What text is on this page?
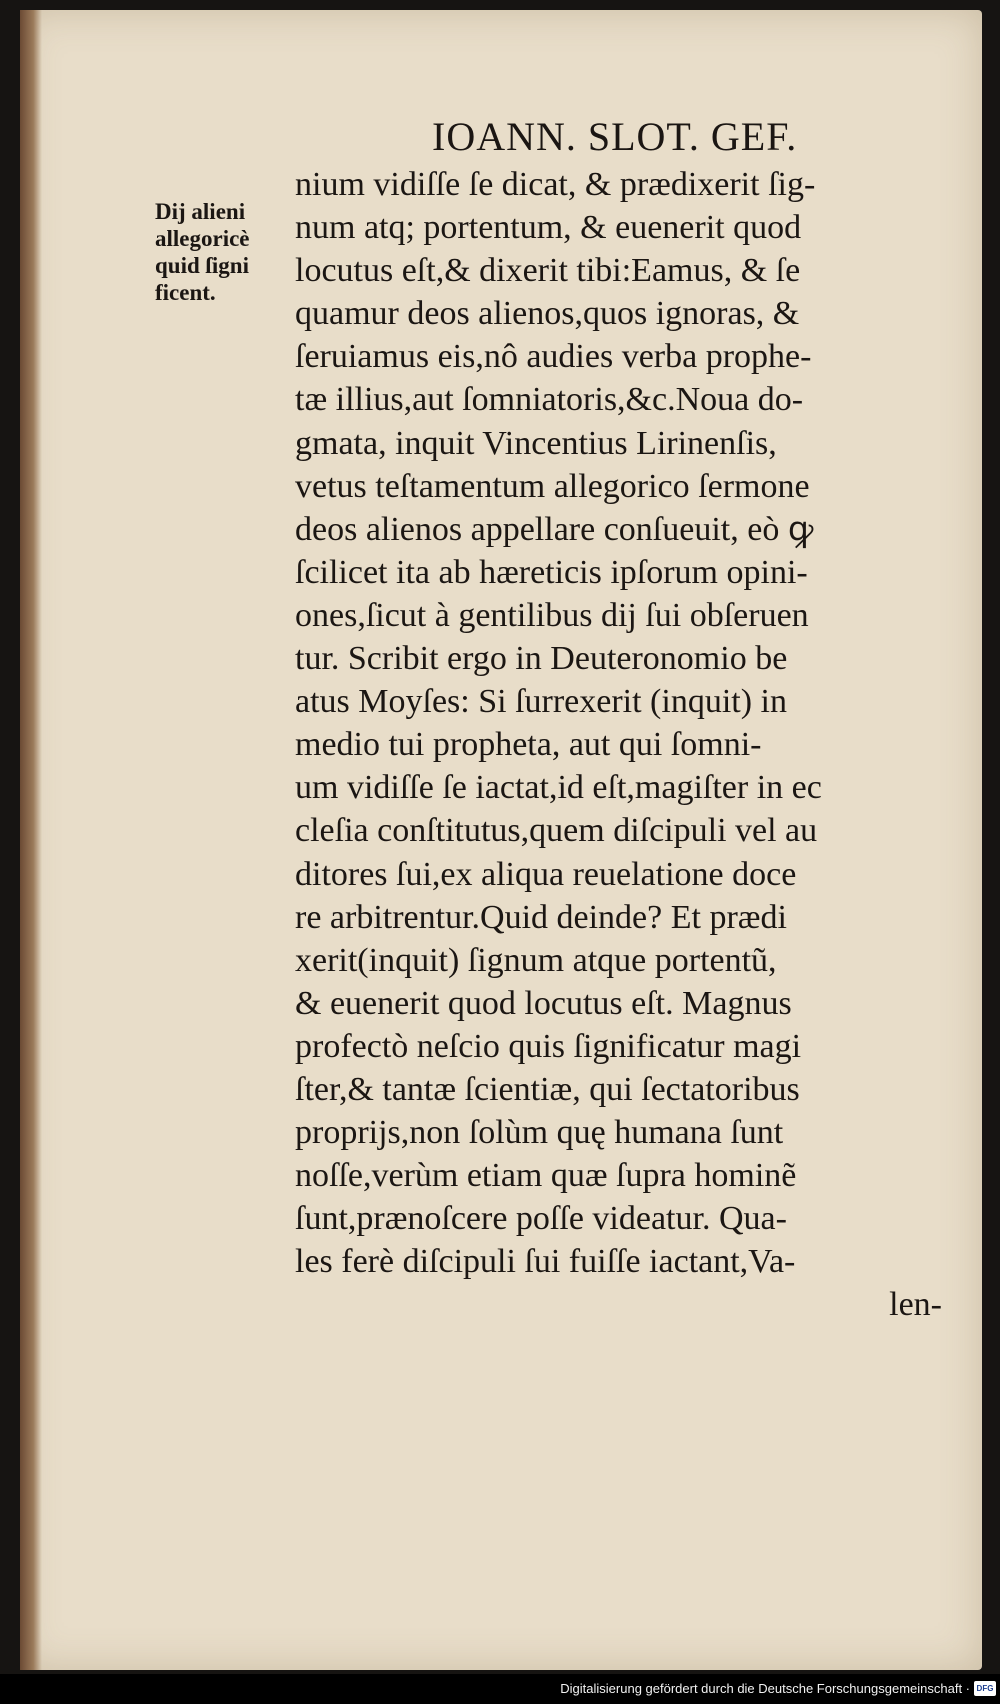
IOANN. SLOT. GEF.
Dij alieni
allegoricè
quid ſigni
ficent.
nium vidiſſe ſe dicat, & prædixerit ſig-
num atq; portentum, & euenerit quod
locutus eſt,& dixerit tibi:Eamus, & ſe
quamur deos alienos,quos ignoras, &
ſeruiamus eis,nô audies verba prophe-
tæ illius,aut ſomniatoris,&c.Noua do-
gmata, inquit Vincentius Lirinenſis,
vetus teſtamentum allegorico ſermone
deos alienos appellare conſueuit, eò ꝙ
ſcilicet ita ab hæreticis ipſorum opini-
ones,ſicut à gentilibus dij ſui obſeruen
tur. Scribit ergo in Deuteronomio be
atus Moyſes: Si ſurrexerit (inquit) in
medio tui propheta, aut qui ſomni-
um vidiſſe ſe iactat,id eſt,magiſter in ec
cleſia conſtitutus,quem diſcipuli vel au
ditores ſui,ex aliqua reuelatione doce
re arbitrentur.Quid deinde? Et prædi
xerit(inquit) ſignum atque portentũ,
& euenerit quod locutus eſt. Magnus
profectò neſcio quis ſignificatur magi
ſter,& tantæ ſcientiæ, qui ſectatoribus
proprijs,non ſolùm quę humana ſunt
noſſe,verùm etiam quæ ſupra hominẽ
ſunt,prænoſcere poſſe videatur. Qua-
les ferè diſcipuli ſui fuiſſe iactant,Va-
len-
Digitalisierung gefördert durch die Deutsche Forschungsgemeinschaft · DFG
